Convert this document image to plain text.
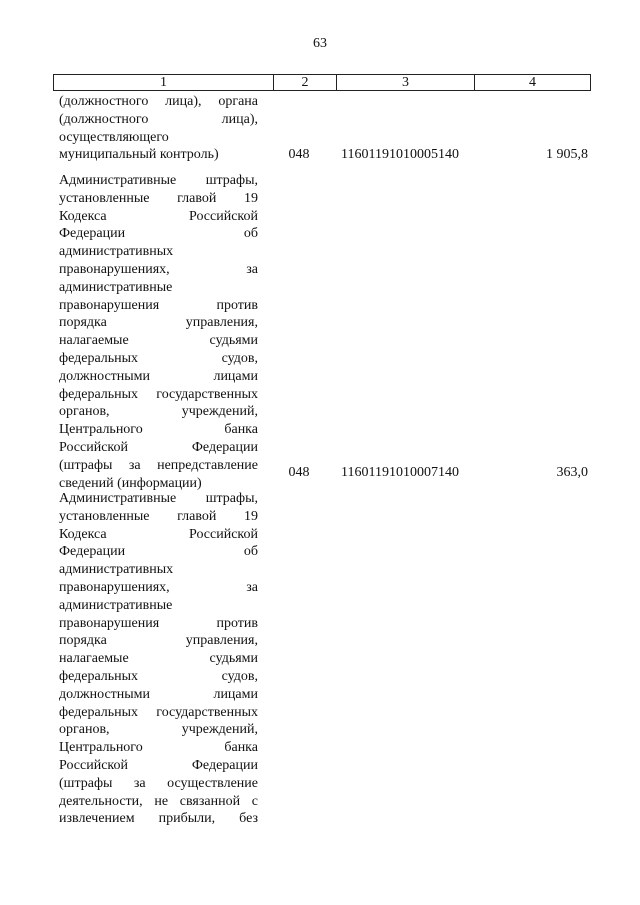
63
1	2	3	4
(должностного лица), органа
(должностного лица),
осуществляющего
муниципальный контроль)	048 11601191010005140	1 905,8
Административные штрафы,
установленные главой 19
Кодекса Российской
Федерации об
административных
правонарушениях, за
административные
правонарушения против
порядка управления,
налагаемые судьями
федеральных судов,
должностными лицами
федеральных государственных
органов, учреждений,
Центрального банка
Российской Федерации
(штрафы за непредставление
сведений (информации)
048 11601191010007140	363,0
Административные штрафы,
установленные главой 19
Кодекса Российской
Федерации об
административных
правонарушениях, за
административные
правонарушения против
порядка управления,
налагаемые судьями
федеральных судов,
должностными лицами
федеральных государственных
органов, учреждений,
Центрального банка
Российской Федерации
(штрафы за осуществление
деятельности, не связанной с
извлечением прибыли, без
